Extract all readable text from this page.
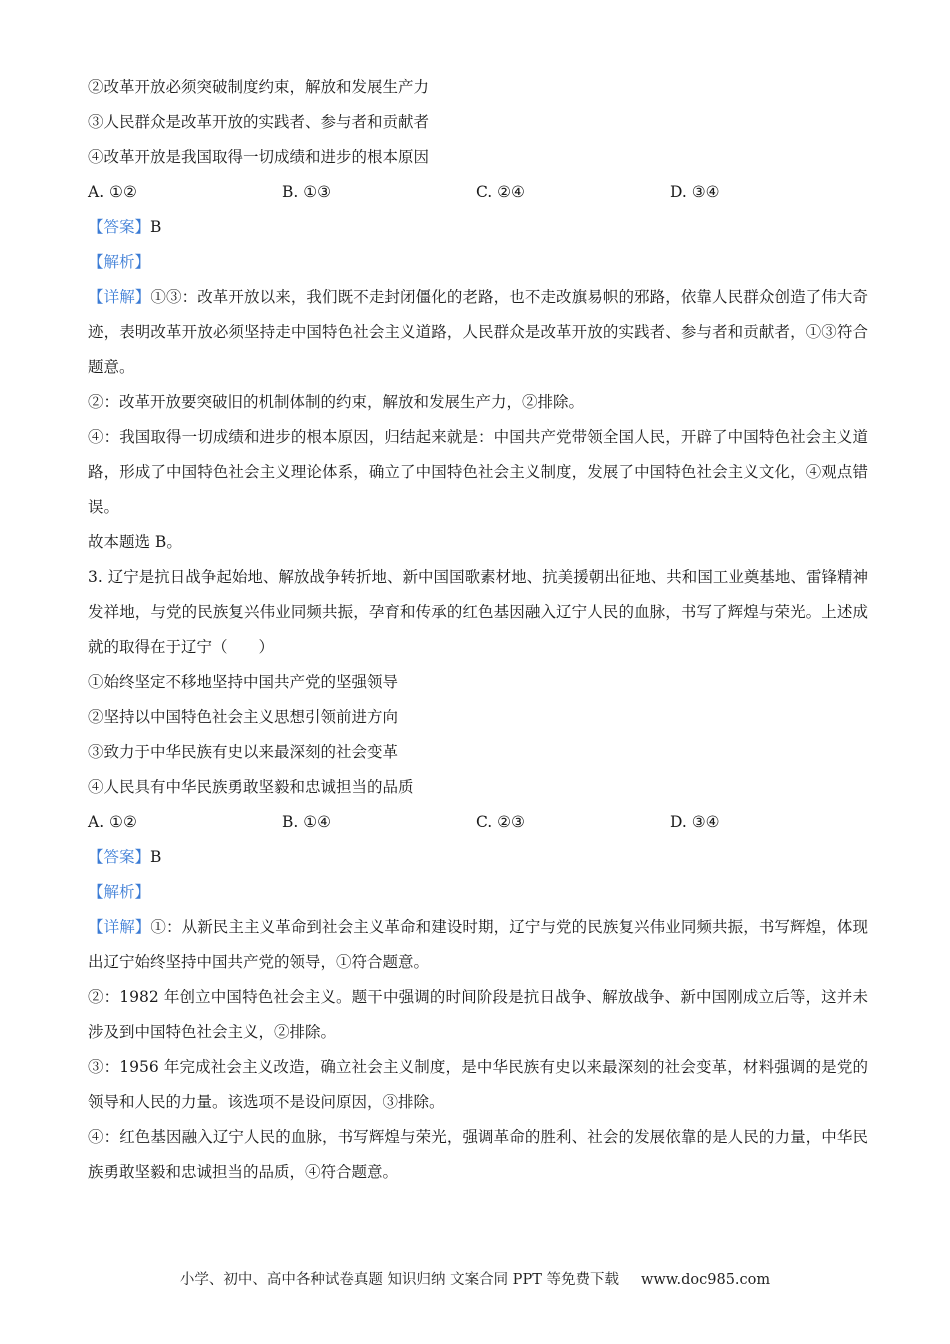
②改革开放必须突破制度约束，解放和发展生产力
③人民群众是改革开放的实践者、参与者和贡献者
④改革开放是我国取得一切成绩和进步的根本原因
A. ①②	B. ①③	C. ②④	D. ③④
【答案】B
【解析】
【详解】①③：改革开放以来，我们既不走封闭僵化的老路，也不走改旗易帜的邪路，依靠人民群众创造了伟大奇迹，表明改革开放必须坚持走中国特色社会主义道路，人民群众是改革开放的实践者、参与者和贡献者，①③符合题意。
②：改革开放要突破旧的机制体制的约束，解放和发展生产力，②排除。
④：我国取得一切成绩和进步的根本原因，归结起来就是：中国共产党带领全国人民，开辟了中国特色社会主义道路，形成了中国特色社会主义理论体系，确立了中国特色社会主义制度，发展了中国特色社会主义文化，④观点错误。
故本题选 B。
3. 辽宁是抗日战争起始地、解放战争转折地、新中国国歌素材地、抗美援朝出征地、共和国工业奠基地、雷锋精神发祥地，与党的民族复兴伟业同频共振，孕育和传承的红色基因融入辽宁人民的血脉，书写了辉煌与荣光。上述成就的取得在于辽宁（　　）
①始终坚定不移地坚持中国共产党的坚强领导
②坚持以中国特色社会主义思想引领前进方向
③致力于中华民族有史以来最深刻的社会变革
④人民具有中华民族勇敢坚毅和忠诚担当的品质
A. ①②	B. ①④	C. ②③	D. ③④
【答案】B
【解析】
【详解】①：从新民主主义革命到社会主义革命和建设时期，辽宁与党的民族复兴伟业同频共振，书写辉煌，体现出辽宁始终坚持中国共产党的领导，①符合题意。
②：1982 年创立中国特色社会主义。题干中强调的时间阶段是抗日战争、解放战争、新中国刚成立后等，这并未涉及到中国特色社会主义，②排除。
③：1956 年完成社会主义改造，确立社会主义制度，是中华民族有史以来最深刻的社会变革，材料强调的是党的领导和人民的力量。该选项不是设问原因，③排除。
④：红色基因融入辽宁人民的血脉，书写辉煌与荣光，强调革命的胜利、社会的发展依靠的是人民的力量，中华民族勇敢坚毅和忠诚担当的品质，④符合题意。
小学、初中、高中各种试卷真题 知识归纳 文案合同 PPT 等免费下载 www.doc985.com
